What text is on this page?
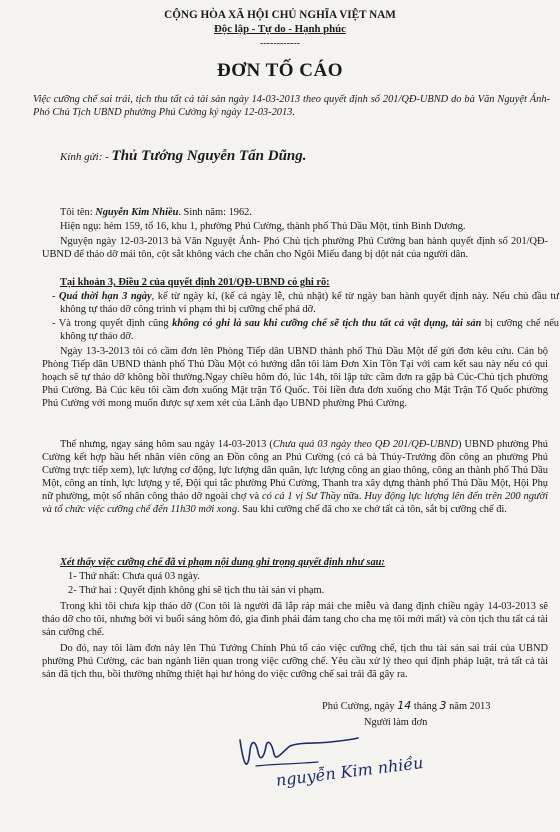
CỘNG HÒA XÃ HỘI CHỦ NGHĨA VIỆT NAM

Độc lập - Tự do - Hạnh phúc

------------

ĐƠN TỐ CÁO

Việc cưỡng chế sai trái, tịch thu tất cả tài sản ngày 14-03-2013 theo quyết định số 201/QĐ-UBND do bà Văn Nguyệt Ánh-Phó Chủ Tịch UBND phường Phú Cường ký ngày 12-03-2013.

Kính gửi: - Thủ Tướng Nguyễn Tấn Dũng.

Tôi tên: Nguyễn Kim Nhiều. Sinh năm: 1962.

Hiện ngụ: hẻm 159, tổ 16, khu 1, phường Phú Cường, thành phố Thủ Dầu Một, tỉnh Bình Dương.

Nguyện ngày 12-03-2013 bà Văn Nguyệt Ánh- Phó Chủ tịch phường Phú Cường ban hành quyết định số 201/QĐ-UBND để tháo dỡ mái tôn, cột sắt không vách che chắn cho Ngôi Miếu đang bị dột nát của người dân.

Tại khoản 3, Điều 2 của quyết định 201/QĐ-UBND có ghi rõ:

- Quá thời hạn 3 ngày, kể từ ngày kí, (kể cả ngày lễ, chủ nhật) kể từ ngày ban hành quyết định này. Nếu chủ đầu tư không tự tháo dỡ công trình vi phạm thì bị cưỡng chế phá dỡ.

- Và trong quyết định cũng không có ghi là sau khi cưỡng chế sẽ tịch thu tất cả vật dụng, tài sản bị cưỡng chế nếu không tự tháo dỡ.

Ngày 13-3-2013 tôi có cầm đơn lên Phòng Tiếp dân UBND thành phố Thủ Dầu Một để gửi đơn kêu cứu. Cán bộ Phòng Tiếp dân UBND thành phố Thủ Dầu Một có hướng dẫn tôi làm Đơn Xin Tồn Tại với cam kết sau này nếu có qui hoạch sẽ tự tháo dỡ không bồi thường.Ngay chiều hôm đó, lúc 14h, tôi lập tức cầm đơn ra gặp bà Cúc-Chủ tịch phường Phú Cường. Bà Cúc kêu tôi cầm đơn xuống Mặt trận Tổ Quốc. Tôi liền đưa đơn xuống cho Mặt Trận Tổ Quốc phường Phú Cường với mong muốn được sự xem xét của Lãnh đạo UBND phường Phú Cường.

Thế nhưng, ngay sáng hôm sau ngày 14-03-2013 (Chưa quá 03 ngày theo QĐ 201/QĐ-UBND) UBND phường Phú Cường kết hợp hầu hết nhân viên công an Đồn công an Phú Cường (có cả bà Thủy-Trưởng đồn công an phường Phú Cường trực tiếp xem), lực lượng cơ động, lực lượng dân quân, lực lượng công an giao thông, công an thành phố Thủ Dầu Một, công an tỉnh, lực lượng y tế, Đội qui tắc phường Phú Cường, Thanh tra xây dựng thành phố Thủ Dầu Một, Hội Phụ nữ phường, một số nhân công tháo dỡ ngoài chợ và có cả 1 vị Sư Thầy nữa. Huy động lực lượng lên đến trên 200 người và tổ chức việc cưỡng chế đến 11h30 mới xong. Sau khi cưỡng chế đã cho xe chở tất cả tôn, sắt bị cưỡng chế đi.

Xét thấy việc cưỡng chế đã vi phạm nội dung ghi trọng quyết định như sau:

1- Thứ nhất: Chưa quá 03 ngày.

2- Thứ hai : Quyết định không ghi sẽ tịch thu tài sản vi phạm.

Trong khi tôi chưa kịp tháo dỡ (Con tôi là người đã lắp ráp mái che miễu và đang định chiều ngày 14-03-2013 sẽ tháo dỡ cho tôi, nhưng bởi vì buổi sáng hôm đó, gia đình phải đám tang cho cha mẹ tôi mới mất) và còn tịch thu tất cả tài sản cưỡng chế.

Do đó, nay tôi làm đơn này lên Thủ Tướng Chính Phủ tố cáo việc cưỡng chế, tịch thu tài sản sai trái của UBND phường Phú Cường, các ban ngành liên quan trong việc cưỡng chế. Yêu cầu xử lý theo qui định pháp luật, trả tất cả tài sản đã tịch thu, bồi thường những thiệt hại hư hỏng do việc cưỡng chế sai trái đã gây ra.

Phú Cường, ngày 14 tháng 3 năm 2013

Người làm đơn

nguyễn Kim nhiều
